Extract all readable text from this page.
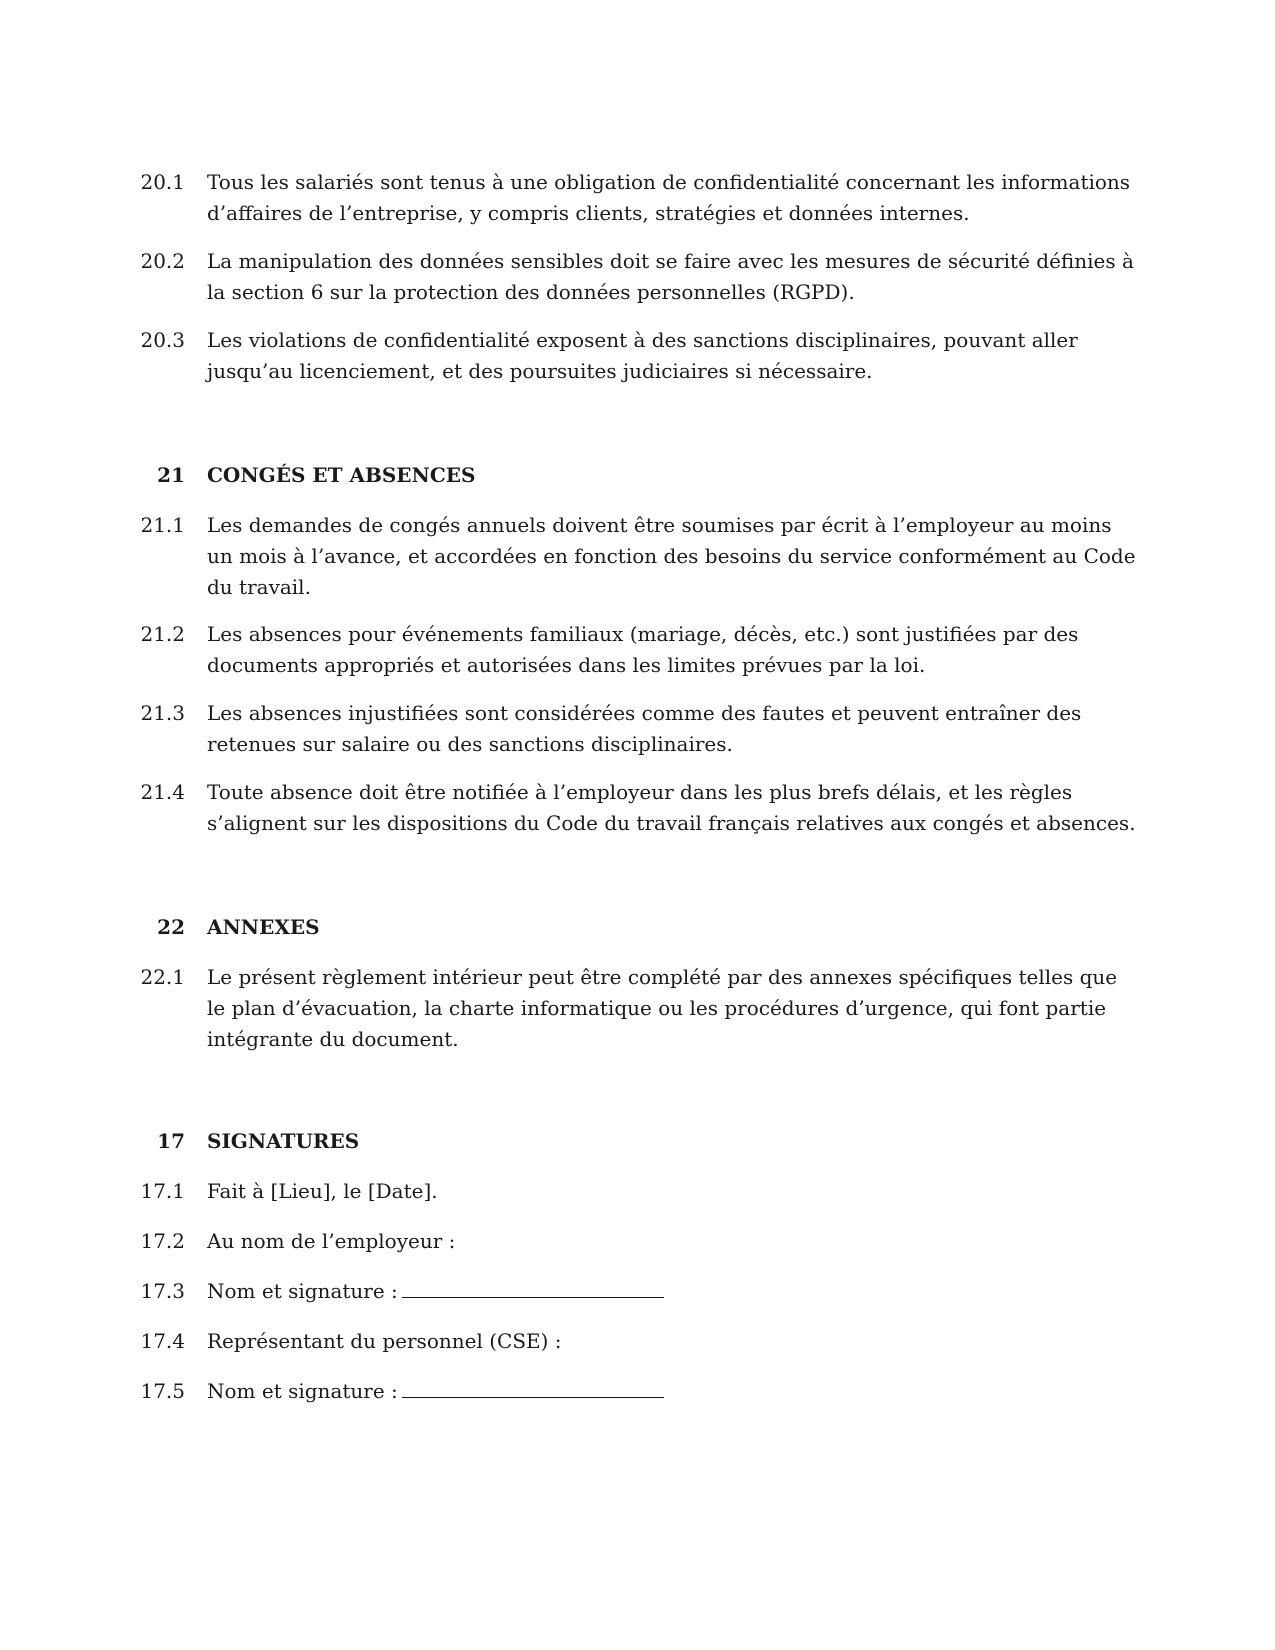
20.1 Tous les salariés sont tenus à une obligation de confidentialité concernant les informations d’affaires de l’entreprise, y compris clients, stratégies et données internes.
20.2 La manipulation des données sensibles doit se faire avec les mesures de sécurité définies à la section 6 sur la protection des données personnelles (RGPD).
20.3 Les violations de confidentialité exposent à des sanctions disciplinaires, pouvant aller jusqu’au licenciement, et des poursuites judiciaires si nécessaire.
21 CONGÉS ET ABSENCES
21.1 Les demandes de congés annuels doivent être soumises par écrit à l’employeur au moins un mois à l’avance, et accordées en fonction des besoins du service conformément au Code du travail.
21.2 Les absences pour événements familiaux (mariage, décès, etc.) sont justifiées par des documents appropriés et autorisées dans les limites prévues par la loi.
21.3 Les absences injustifiées sont considérées comme des fautes et peuvent entraîner des retenues sur salaire ou des sanctions disciplinaires.
21.4 Toute absence doit être notifiée à l’employeur dans les plus brefs délais, et les règles s’alignent sur les dispositions du Code du travail français relatives aux congés et absences.
22 ANNEXES
22.1 Le présent règlement intérieur peut être complété par des annexes spécifiques telles que le plan d’évacuation, la charte informatique ou les procédures d’urgence, qui font partie intégrante du document.
17 SIGNATURES
17.1 Fait à [Lieu], le [Date].
17.2 Au nom de l’employeur :
17.3 Nom et signature :
17.4 Représentant du personnel (CSE) :
17.5 Nom et signature :
